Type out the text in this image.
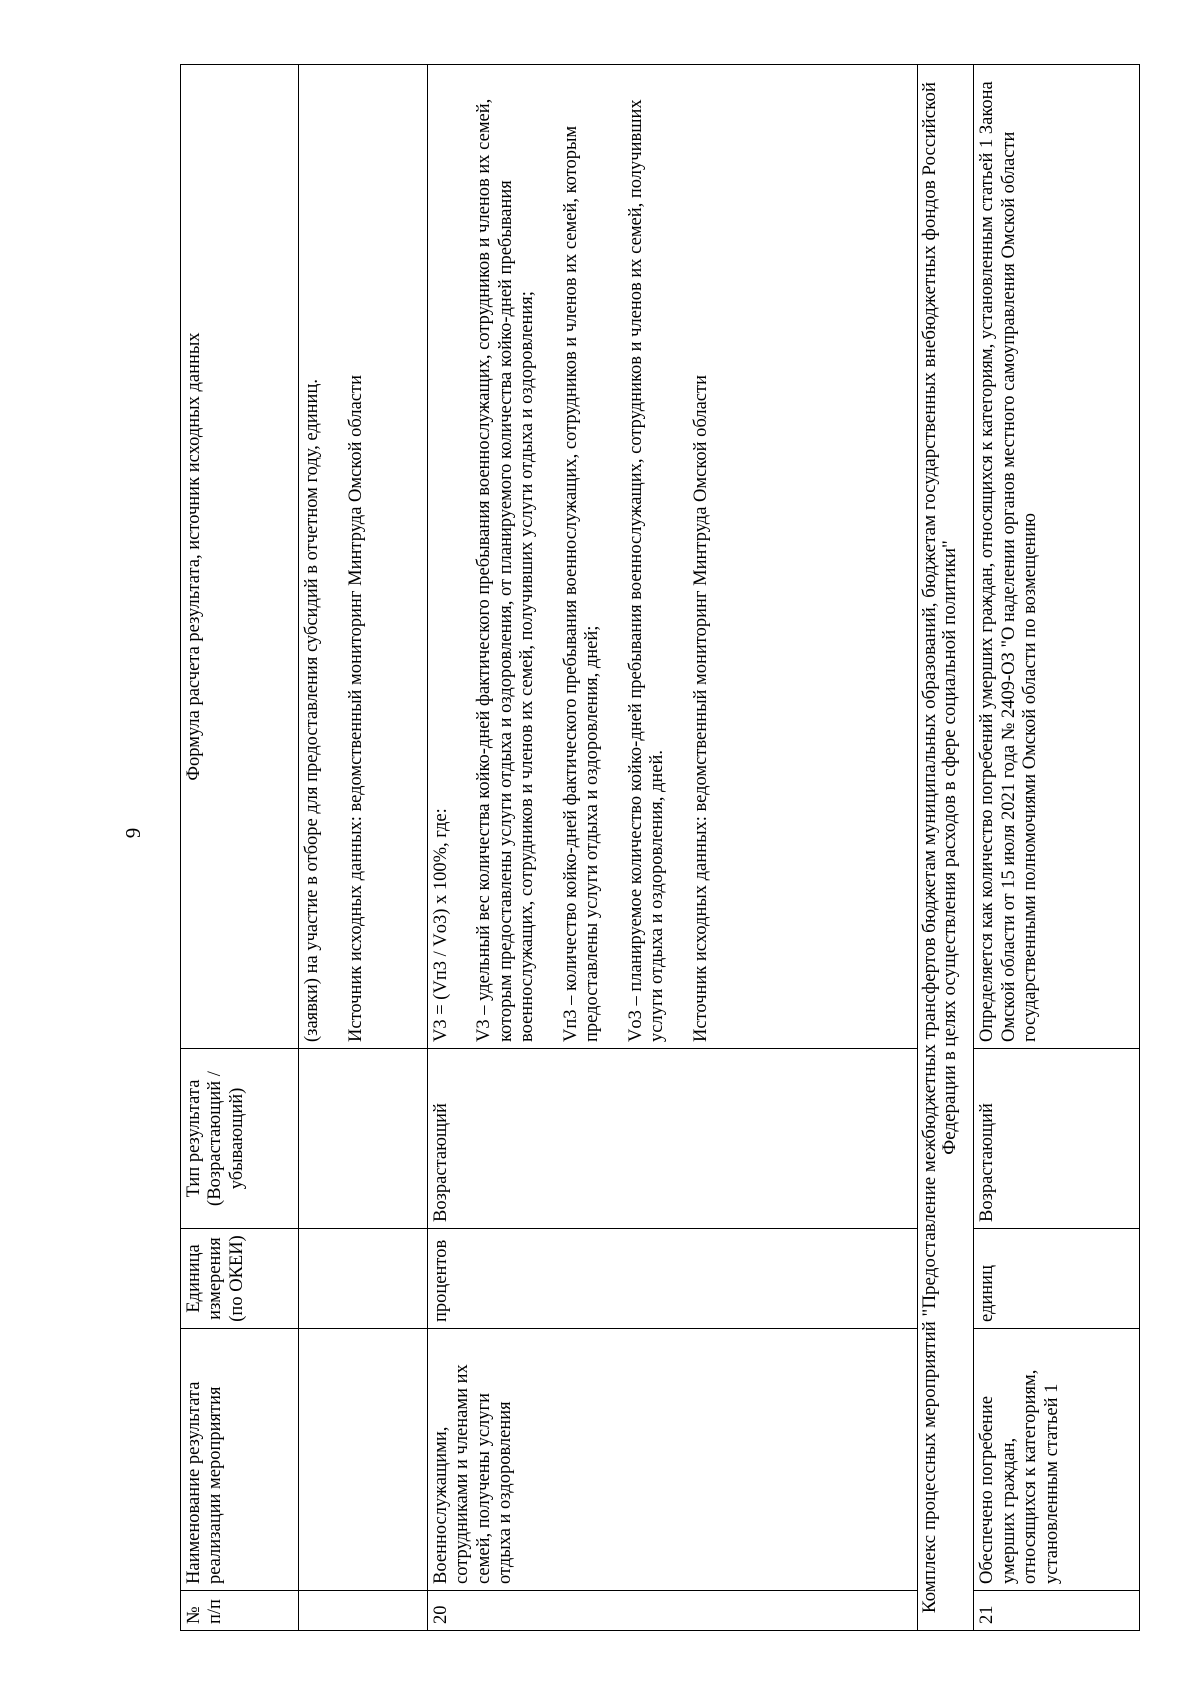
9
№ п/п	Наименование результата реализации мероприятия	Единица измерения (по ОКЕИ)	Тип результата (Возрастающий /убывающий)	Формула расчета результата, источник исходных данных

				(заявки) на участие в отборе для предоставления субсидий в отчетном году, единиц. Источник исходных данных: ведомственный мониторинг Минтруда Омской области

20	Военнослужащими, сотрудниками и членами их семей, получены услуги отдыха и оздоровления	процентов	Возрастающий	V3 = (Vп3 / Vо3) x 100%, где: V3 – удельный вес количества койко-дней фактического пребывания военнослужащих, сотрудников и членов их семей, которым предоставлены услуги отдыха и оздоровления, от планируемого количества койко-дней пребывания военнослужащих, сотрудников и членов их семей, получивших услуги отдыха и оздоровления; Vп3 – количество койко-дней фактического пребывания военнослужащих, сотрудников и членов их семей, которым предоставлены услуги отдыха и оздоровления, дней; Vо3 – планируемое количество койко-дней пребывания военнослужащих, сотрудников и членов их семей, получивших услуги отдыха и оздоровления, дней. Источник исходных данных: ведомственный мониторинг Минтруда Омской области

Комплекс процессных мероприятий "Предоставление межбюджетных трансфертов бюджетам муниципальных образований, бюджетам государственных внебюджетных фондов Российской Федерации в целях осуществления расходов в сфере социальной политики"				
21	Обеспечено погребение умерших граждан, относящихся к категориям, установленным статьей 1	единиц	Возрастающий	Определяется как количество погребений умерших граждан, относящихся к категориям, установленным статьей 1 Закона Омской области от 15 июля 2021 года № 2409-ОЗ "О наделении органов местного самоуправления Омской области государственными полномочиями Омской области по возмещению
